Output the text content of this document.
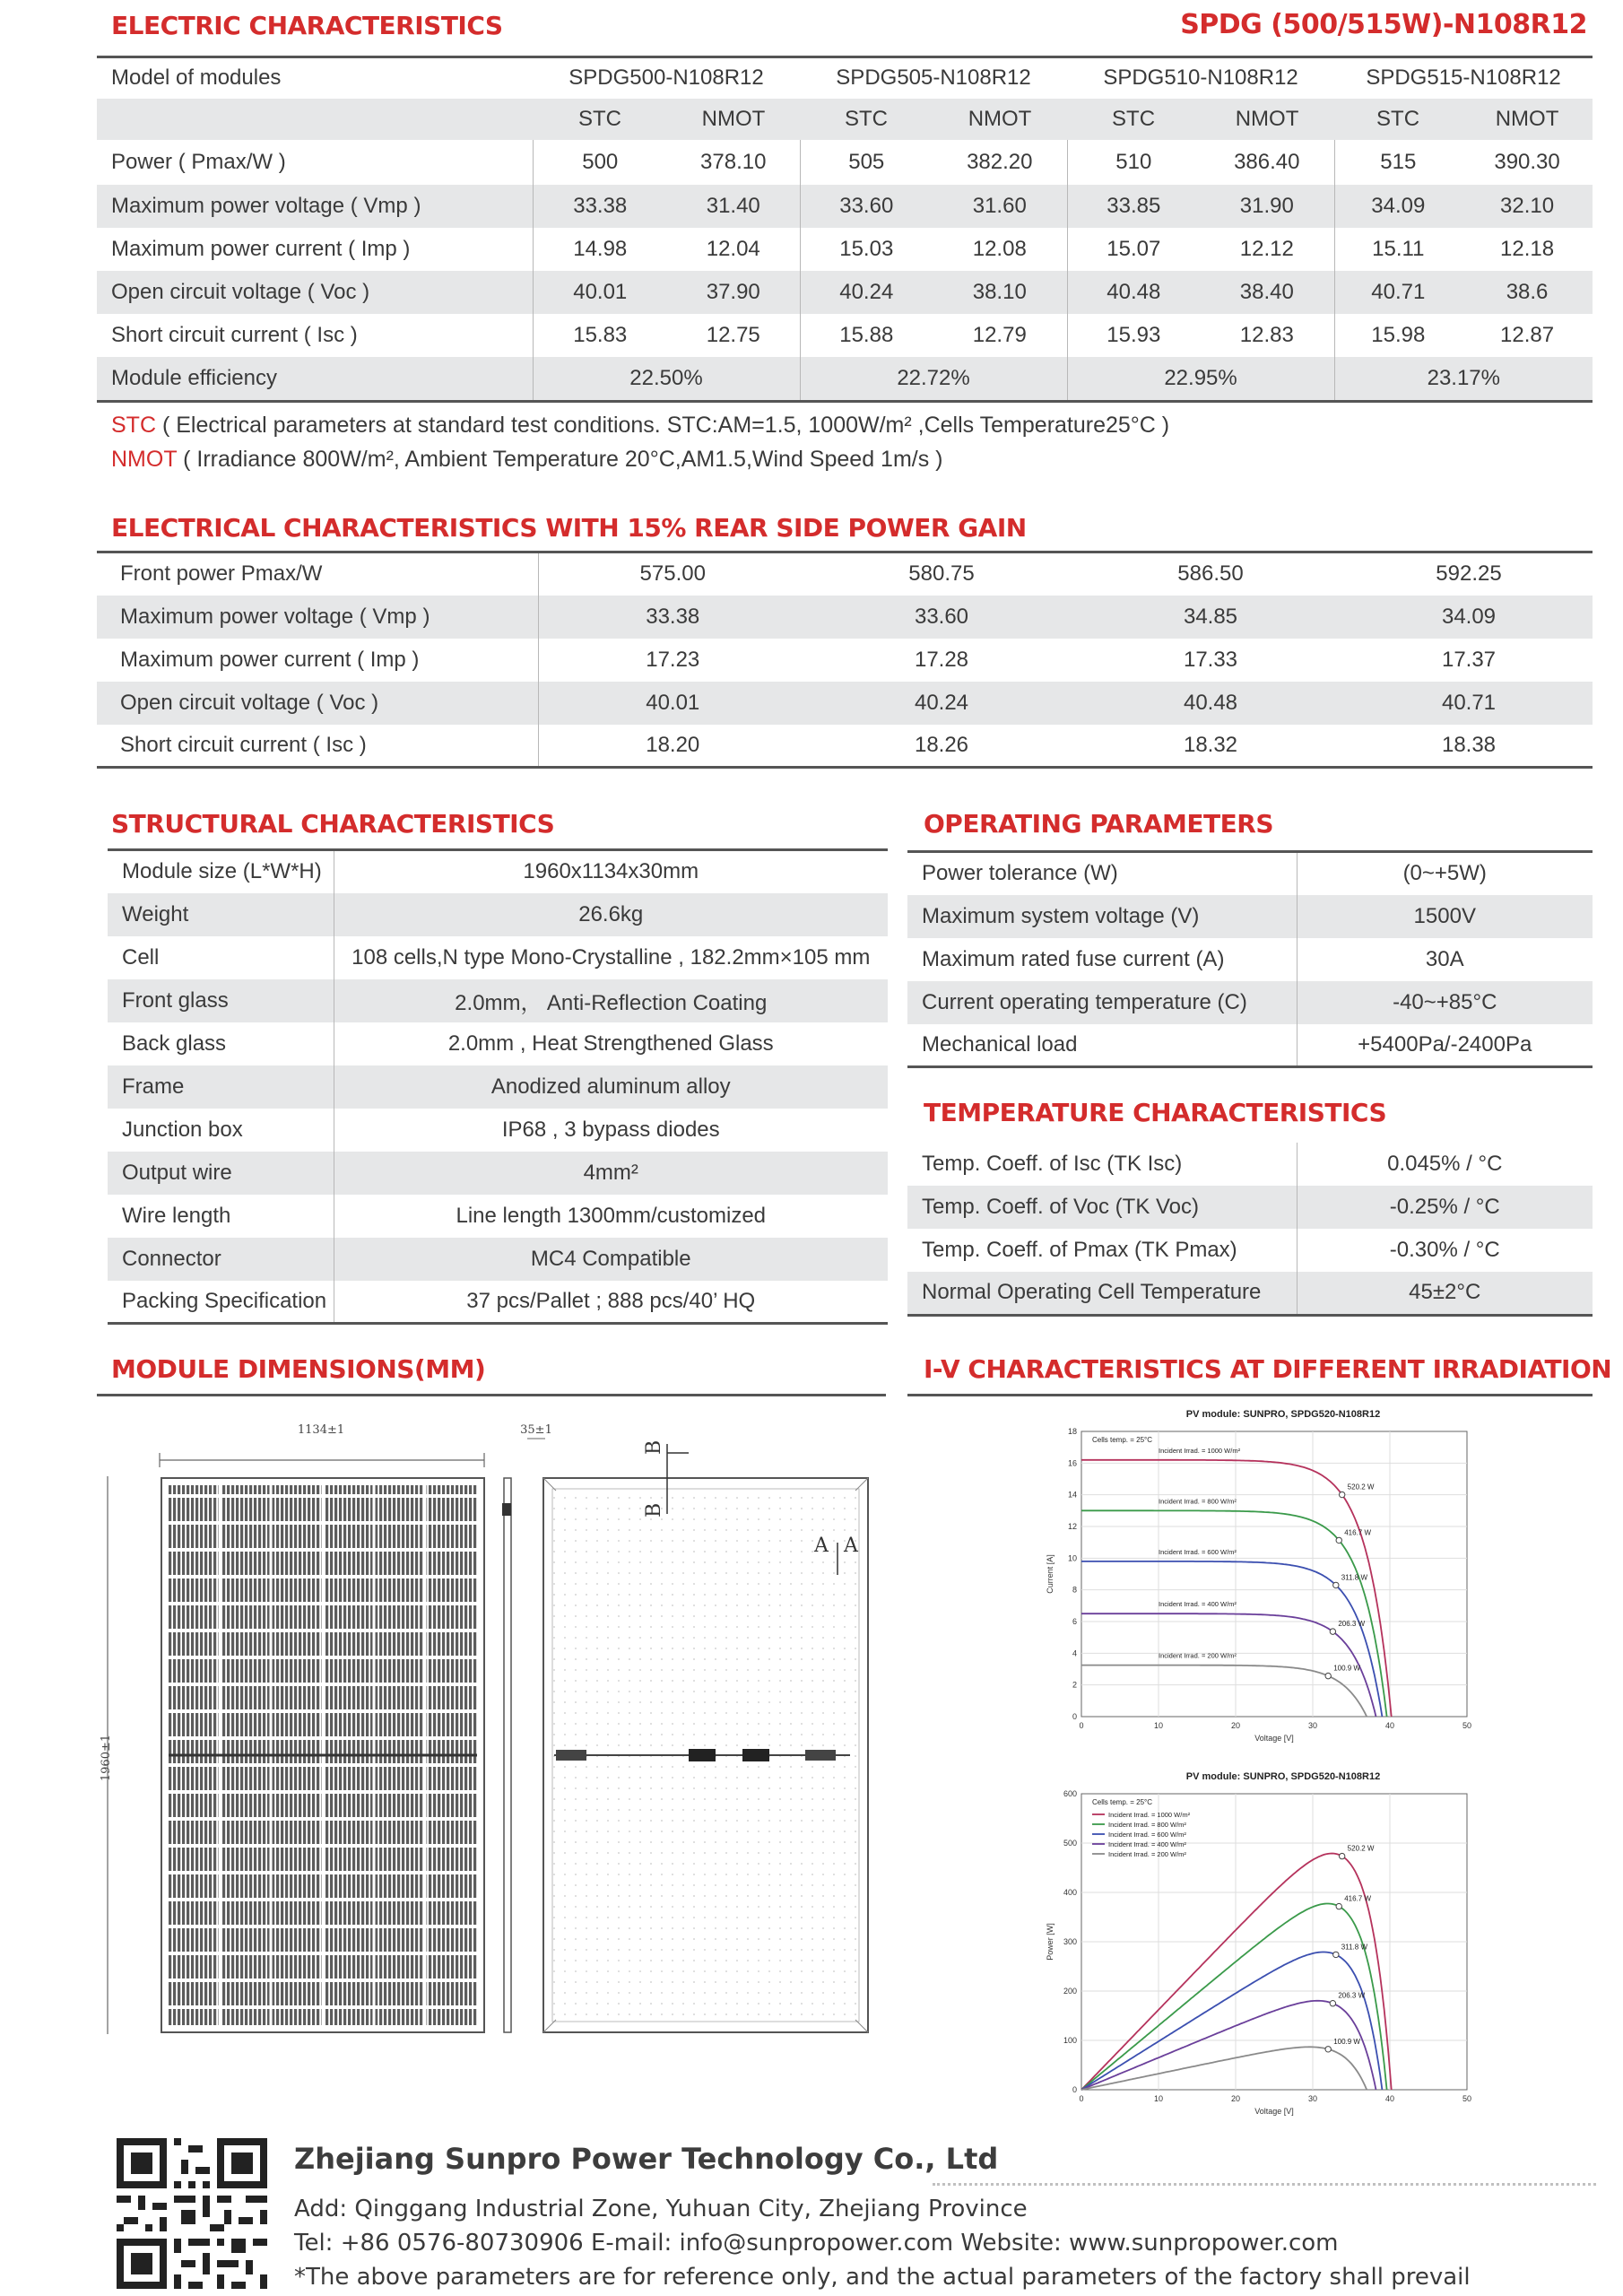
ELECTRIC CHARACTERISTICS	SPDG (500/515W)-N108R12
Model of modules	SPDG500-N108R12		SPDG505-N108R12		SPDG510-N108R12		SPDG515-N108R12	
	STC	NMOT	STC	NMOT	STC	NMOT	STC	NMOT
Power ( Pmax/W )	500	378.10	505	382.20	510	386.40	515	390.30
Maximum power voltage ( Vmp )	33.38	31.40	33.60	31.60	33.85	31.90	34.09	32.10
Maximum power current ( Imp )	14.98	12.04	15.03	12.08	15.07	12.12	15.11	12.18
Open circuit voltage ( Voc )	40.01	37.90	40.24	38.10	40.48	38.40	40.71	38.6
Short circuit current ( Isc )	15.83	12.75	15.88	12.79	15.93	12.83	15.98	12.87
Module efficiency	22.50%		22.72%		22.95%		23.17%	
STC ( Electrical parameters at standard test conditions. STC:AM=1.5, 1000W/m² ,Cells Temperature25°C )
NMOT ( Irradiance 800W/m², Ambient Temperature 20°C,AM1.5,Wind Speed 1m/s )
ELECTRICAL CHARACTERISTICS WITH 15% REAR SIDE POWER GAIN
Front power Pmax/W	575.00	580.75	586.50	592.25
Maximum power voltage ( Vmp )	33.38	33.60	34.85	34.09
Maximum power current ( Imp )	17.23	17.28	17.33	17.37
Open circuit voltage ( Voc )	40.01	40.24	40.48	40.71
Short circuit current ( Isc )	18.20	18.26	18.32	18.38
STRUCTURAL CHARACTERISTICS
Module size (L*W*H)	1960x1134x30mm
Weight	26.6kg
Cell	108 cells,N type Mono-Crystalline , 182.2mm×105 mm
Front glass	2.0mm， Anti-Reflection Coating
Back glass	2.0mm , Heat Strengthened Glass
Frame	Anodized aluminum alloy
Junction box	IP68 , 3 bypass diodes
Output wire	4mm²
Wire length	Line length 1300mm/customized
Connector	MC4 Compatible
Packing Specification	37 pcs/Pallet ; 888 pcs/40’ HQ
OPERATING PARAMETERS
Power tolerance (W)	(0~+5W)
Maximum system voltage (V)	1500V
Maximum rated fuse current (A)	30A
Current operating temperature (C)	-40~+85°C
Mechanical load	+5400Pa/-2400Pa
TEMPERATURE CHARACTERISTICS
Temp. Coeff. of Isc (TK Isc)	0.045% / °C
Temp. Coeff. of Voc (TK Voc)	-0.25% / °C
Temp. Coeff. of Pmax (TK Pmax)	-0.30% / °C
Normal Operating Cell Temperature	45±2°C
MODULE DIMENSIONS(MM)
1134±1
1960±1
35±1
B
B
A A
I-V CHARACTERISTICS AT DIFFERENT IRRADIATION
PV module: SUNPRO, SPDG520-N108R12
0	10	20	30	40	50
0
2
4
6
8
10
12
14
16
18
Voltage [V]
Current [A]
Cells temp. = 25°C
520.2 W
Incident Irrad. = 1000 W/m²
416.7 W
Incident Irrad. = 800 W/m²
311.8 W
Incident Irrad. = 600 W/m²
206.3 W
Incident Irrad. = 400 W/m²
100.9 W
Incident Irrad. = 200 W/m²
PV module: SUNPRO, SPDG520-N108R12
0	10	20	30	40	50
0
100
200
300
400
500
600
Voltage [V]
Power [W]
Cells temp. = 25°C
520.2 W
Incident Irrad. = 1000 W/m²
416.7 W
Incident Irrad. = 800 W/m²
311.8 W
Incident Irrad. = 600 W/m²
206.3 W
Incident Irrad. = 400 W/m²
100.9 W
Incident Irrad. = 200 W/m²
Zhejiang Sunpro Power Technology Co., Ltd
Add: Qinggang Industrial Zone, Yuhuan City, Zhejiang Province
Tel: +86 0576-80730906 E-mail: info@sunpropower.com Website: www.sunpropower.com
*The above parameters are for reference only, and the actual parameters of the factory shall prevail
